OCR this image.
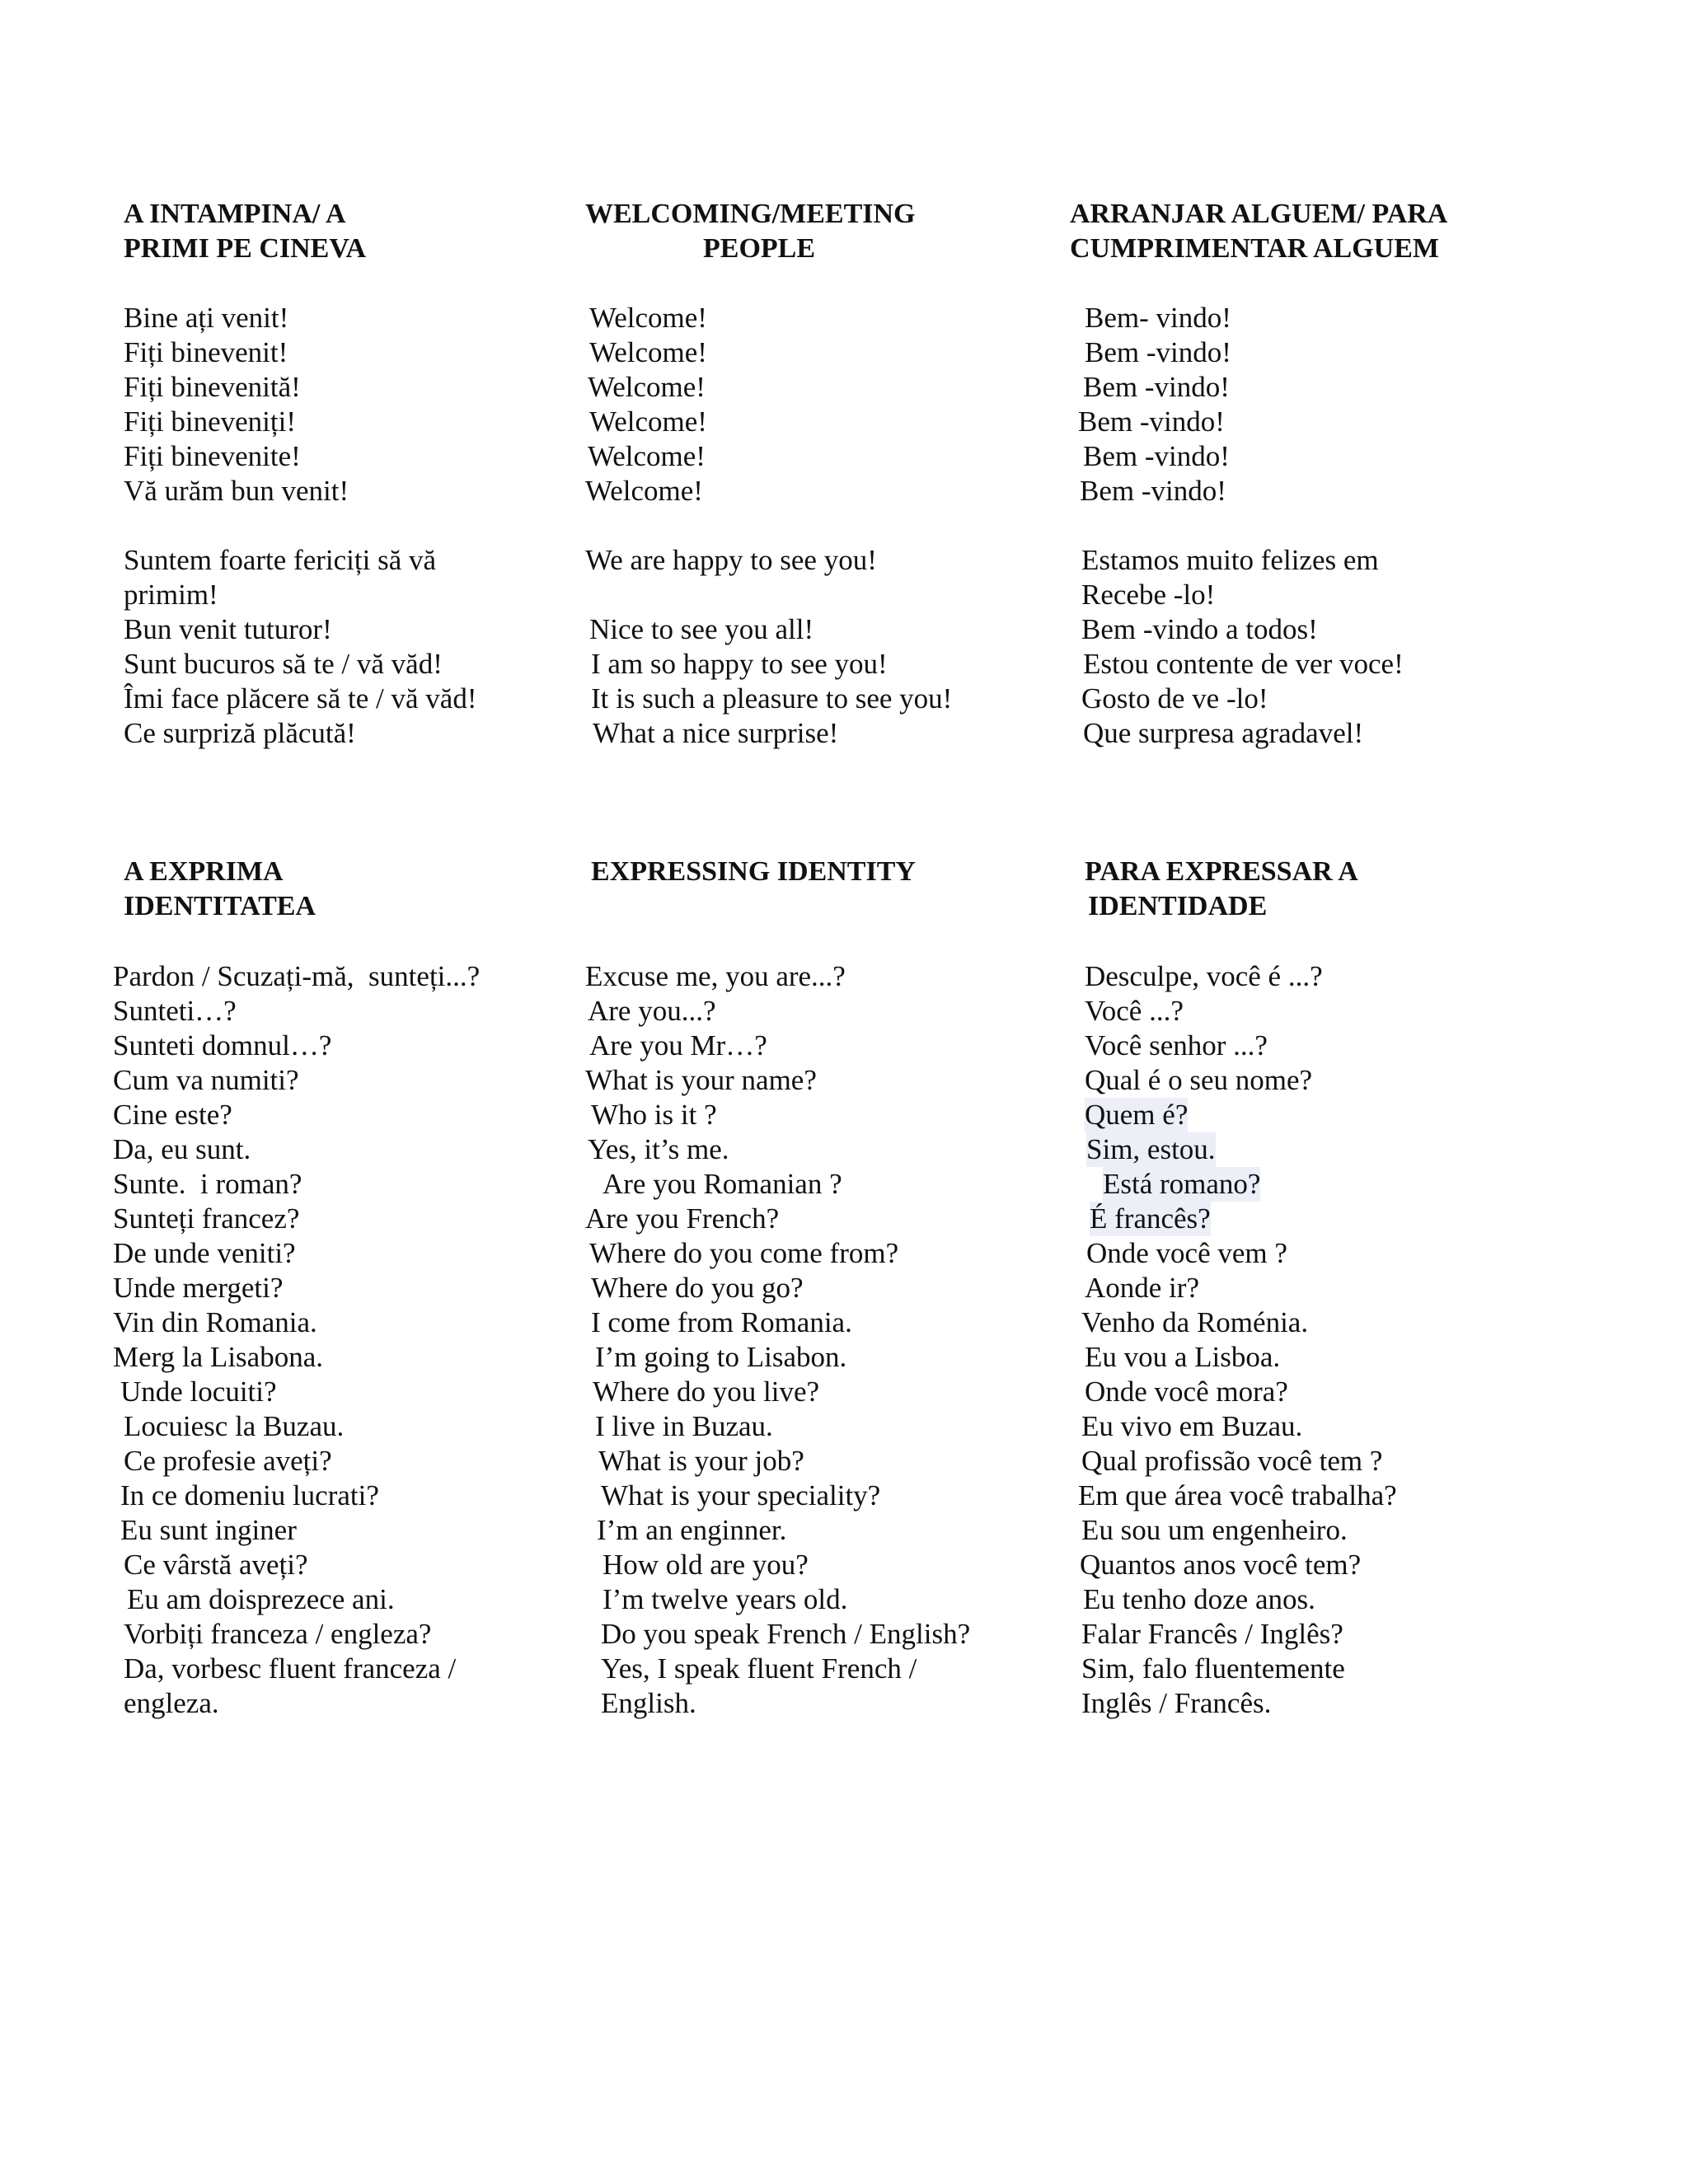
A INTAMPINA/ A
PRIMI PE CINEVA
WELCOMING/MEETING
PEOPLE
ARRANJAR ALGUEM/ PARA
CUMPRIMENTAR ALGUEM
Bine ați venit!
Fiți binevenit!
Fiți binevenită!
Fiți bineveniți!
Fiți binevenite!
Vă urăm bun venit!
Suntem foarte fericiți să vă
primim!
Bun venit tuturor!
Sunt bucuros să te / vă văd!
Îmi face plăcere să te / vă văd!
Ce surpriză plăcută!
Welcome!
Welcome!
Welcome!
Welcome!
Welcome!
Welcome!
We are happy to see you!
Nice to see you all!
I am so happy to see you!
It is such a pleasure to see you!
What a nice surprise!
Bem- vindo!
Bem -vindo!
Bem -vindo!
Bem -vindo!
Bem -vindo!
Bem -vindo!
Estamos muito felizes em
Recebe -lo!
Bem -vindo a todos!
Estou contente de ver voce!
Gosto de ve -lo!
Que surpresa agradavel!
A EXPRIMA
IDENTITATEA
EXPRESSING IDENTITY	PARA EXPRESSAR A
IDENTIDADE
Pardon / Scuzați-mă,  sunteți...?
Sunteti…?
Sunteti domnul…?
Cum va numiti?
Cine este?
Da, eu sunt.
Sunte.  i roman?
Sunteți francez?
De unde veniti?
Unde mergeti?
Vin din Romania.
Merg la Lisabona.
Unde locuiti?
Locuiesc la Buzau.
Ce profesie aveți?
In ce domeniu lucrati?
Eu sunt inginer
Ce vârstă aveți?
Eu am doisprezece ani.
Vorbiți franceza / engleza?
Da, vorbesc fluent franceza /
engleza.
Excuse me, you are...?
Are you...?
Are you Mr…?
What is your name?
Who is it ?
Yes, it’s me.
Are you Romanian ?
Are you French?
Where do you come from?
Where do you go?
I come from Romania.
I’m going to Lisabon.
Where do you live?
I live in Buzau.
What is your job?
What is your speciality?
I’m an enginner.
How old are you?
I’m twelve years old.
Do you speak French / English?
Yes, I speak fluent French /
English.
Desculpe, você é ...?
Você ...?
Você senhor ...?
Qual é o seu nome?
Quem é?
Sim, estou.
Está romano?
É francês?
Onde você vem ?
Aonde ir?
Venho da Roménia.
Eu vou a Lisboa.
Onde você mora?
Eu vivo em Buzau.
Qual profissão você tem ?
Em que área você trabalha?
Eu sou um engenheiro.
Quantos anos você tem?
Eu tenho doze anos.
Falar Francês / Inglês?
Sim, falo fluentemente
Inglês / Francês.
